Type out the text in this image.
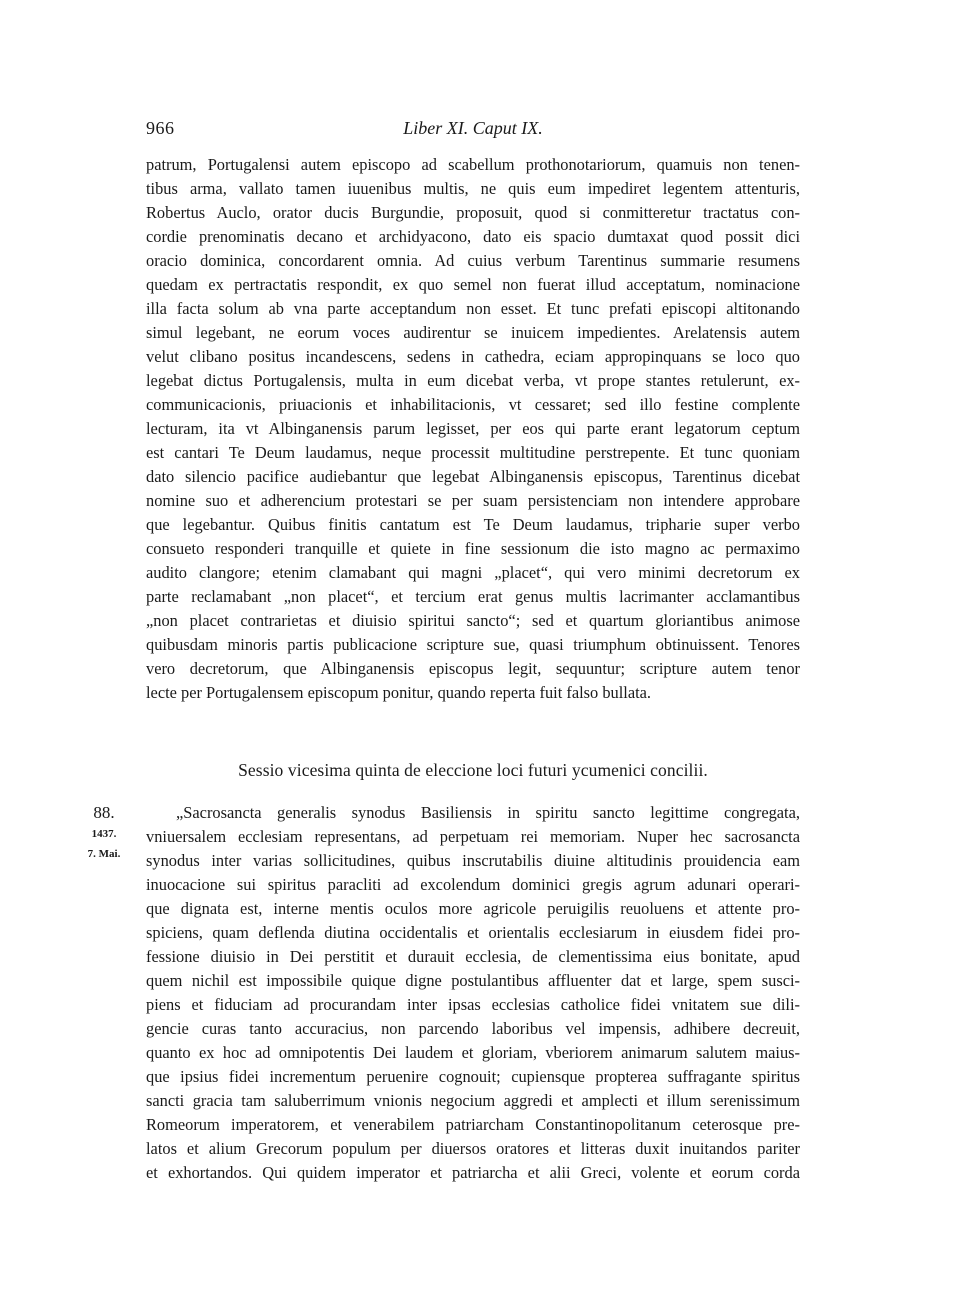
966	Liber XI. Caput IX.
patrum, Portugalensi autem episcopo ad scabellum prothonotariorum, quamuis non tenen-
tibus arma, vallato tamen iuuenibus multis, ne quis eum impediret legentem attenturis,
Robertus Auclo, orator ducis Burgundie, proposuit, quod si conmitteretur tractatus con-
cordie prenominatis decano et archidyacono, dato eis spacio dumtaxat quod possit dici
oracio dominica, concordarent omnia. Ad cuius verbum Tarentinus summarie resumens
quedam ex pertractatis respondit, ex quo semel non fuerat illud acceptatum, nominacione
illa facta solum ab vna parte acceptandum non esset. Et tunc prefati episcopi altitonando
simul legebant, ne eorum voces audirentur se inuicem impedientes. Arelatensis autem
velut clibano positus incandescens, sedens in cathedra, eciam appropinquans se loco quo
legebat dictus Portugalensis, multa in eum dicebat verba, vt prope stantes retulerunt, ex-
communicacionis, priuacionis et inhabilitacionis, vt cessaret; sed illo festine complente
lecturam, ita vt Albinganensis parum legisset, per eos qui parte erant legatorum ceptum
est cantari Te Deum laudamus, neque processit multitudine perstrepente. Et tunc quoniam
dato silencio pacifice audiebantur que legebat Albinganensis episcopus, Tarentinus dicebat
nomine suo et adherencium protestari se per suam persistenciam non intendere approbare
que legebantur. Quibus finitis cantatum est Te Deum laudamus, tripharie super verbo
consueto responderi tranquille et quiete in fine sessionum die isto magno ac permaximo
audito clangore; etenim clamabant qui magni „placet“, qui vero minimi decretorum ex
parte reclamabant „non placet“, et tercium erat genus multis lacrimanter acclamantibus
„non placet contrarietas et diuisio spiritui sancto“; sed et quartum gloriantibus animose
quibusdam minoris partis publicacione scripture sue, quasi triumphum obtinuissent. Tenores
vero decretorum, que Albinganensis episcopus legit, sequuntur; scripture autem tenor
lecte per Portugalensem episcopum ponitur, quando reperta fuit falso bullata.
Sessio vicesima quinta de eleccione loci futuri ycumenici concilii.
88.
1437.
7. Mai.
„Sacrosancta generalis synodus Basiliensis in spiritu sancto legittime congregata,
vniuersalem ecclesiam representans, ad perpetuam rei memoriam. Nuper hec sacrosancta
synodus inter varias sollicitudines, quibus inscrutabilis diuine altitudinis prouidencia eam
inuocacione sui spiritus paracliti ad excolendum dominici gregis agrum adunari operari-
que dignata est, interne mentis oculos more agricole peruigilis reuoluens et attente pro-
spiciens, quam deflenda diutina occidentalis et orientalis ecclesiarum in eiusdem fidei pro-
fessione diuisio in Dei perstitit et durauit ecclesia, de clementissima eius bonitate, apud
quem nichil est impossibile quique digne postulantibus affluenter dat et large, spem susci-
piens et fiduciam ad procurandam inter ipsas ecclesias catholice fidei vnitatem sue dili-
gencie curas tanto accuracius, non parcendo laboribus vel impensis, adhibere decreuit,
quanto ex hoc ad omnipotentis Dei laudem et gloriam, vberiorem animarum salutem maius-
que ipsius fidei incrementum peruenire cognouit; cupiensque propterea suffragante spiritus
sancti gracia tam saluberrimum vnionis negocium aggredi et amplecti et illum serenissimum
Romeorum imperatorem, et venerabilem patriarcham Constantinopolitanum ceterosque pre-
latos et alium Grecorum populum per diuersos oratores et litteras duxit inuitandos pariter
et exhortandos. Qui quidem imperator et patriarcha et alii Greci, volente et eorum corda
